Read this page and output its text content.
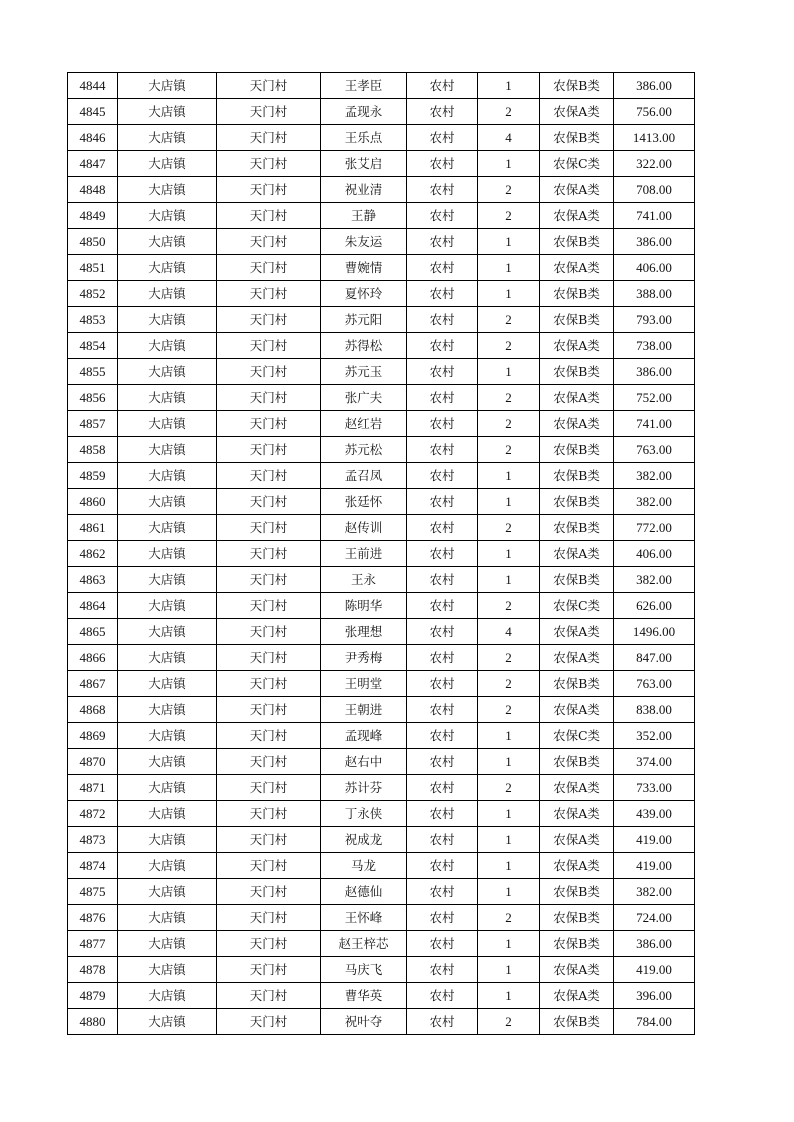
4844	大店镇	天门村	王孝臣	农村	1	农保B类	386.00
4845	大店镇	天门村	孟现永	农村	2	农保A类	756.00
4846	大店镇	天门村	王乐点	农村	4	农保B类	1413.00
4847	大店镇	天门村	张艾启	农村	1	农保C类	322.00
4848	大店镇	天门村	祝业清	农村	2	农保A类	708.00
4849	大店镇	天门村	王静	农村	2	农保A类	741.00
4850	大店镇	天门村	朱友运	农村	1	农保B类	386.00
4851	大店镇	天门村	曹婉情	农村	1	农保A类	406.00
4852	大店镇	天门村	夏怀玲	农村	1	农保B类	388.00
4853	大店镇	天门村	苏元阳	农村	2	农保B类	793.00
4854	大店镇	天门村	苏得松	农村	2	农保A类	738.00
4855	大店镇	天门村	苏元玉	农村	1	农保B类	386.00
4856	大店镇	天门村	张广夫	农村	2	农保A类	752.00
4857	大店镇	天门村	赵红岩	农村	2	农保A类	741.00
4858	大店镇	天门村	苏元松	农村	2	农保B类	763.00
4859	大店镇	天门村	孟召凤	农村	1	农保B类	382.00
4860	大店镇	天门村	张廷怀	农村	1	农保B类	382.00
4861	大店镇	天门村	赵传训	农村	2	农保B类	772.00
4862	大店镇	天门村	王前进	农村	1	农保A类	406.00
4863	大店镇	天门村	王永	农村	1	农保B类	382.00
4864	大店镇	天门村	陈明华	农村	2	农保C类	626.00
4865	大店镇	天门村	张理想	农村	4	农保A类	1496.00
4866	大店镇	天门村	尹秀梅	农村	2	农保A类	847.00
4867	大店镇	天门村	王明堂	农村	2	农保B类	763.00
4868	大店镇	天门村	王朝进	农村	2	农保A类	838.00
4869	大店镇	天门村	孟现峰	农村	1	农保C类	352.00
4870	大店镇	天门村	赵右中	农村	1	农保B类	374.00
4871	大店镇	天门村	苏计芬	农村	2	农保A类	733.00
4872	大店镇	天门村	丁永侠	农村	1	农保A类	439.00
4873	大店镇	天门村	祝成龙	农村	1	农保A类	419.00
4874	大店镇	天门村	马龙	农村	1	农保A类	419.00
4875	大店镇	天门村	赵德仙	农村	1	农保B类	382.00
4876	大店镇	天门村	王怀峰	农村	2	农保B类	724.00
4877	大店镇	天门村	赵王梓芯	农村	1	农保B类	386.00
4878	大店镇	天门村	马庆飞	农村	1	农保A类	419.00
4879	大店镇	天门村	曹华英	农村	1	农保A类	396.00
4880	大店镇	天门村	祝叶夺	农村	2	农保B类	784.00
